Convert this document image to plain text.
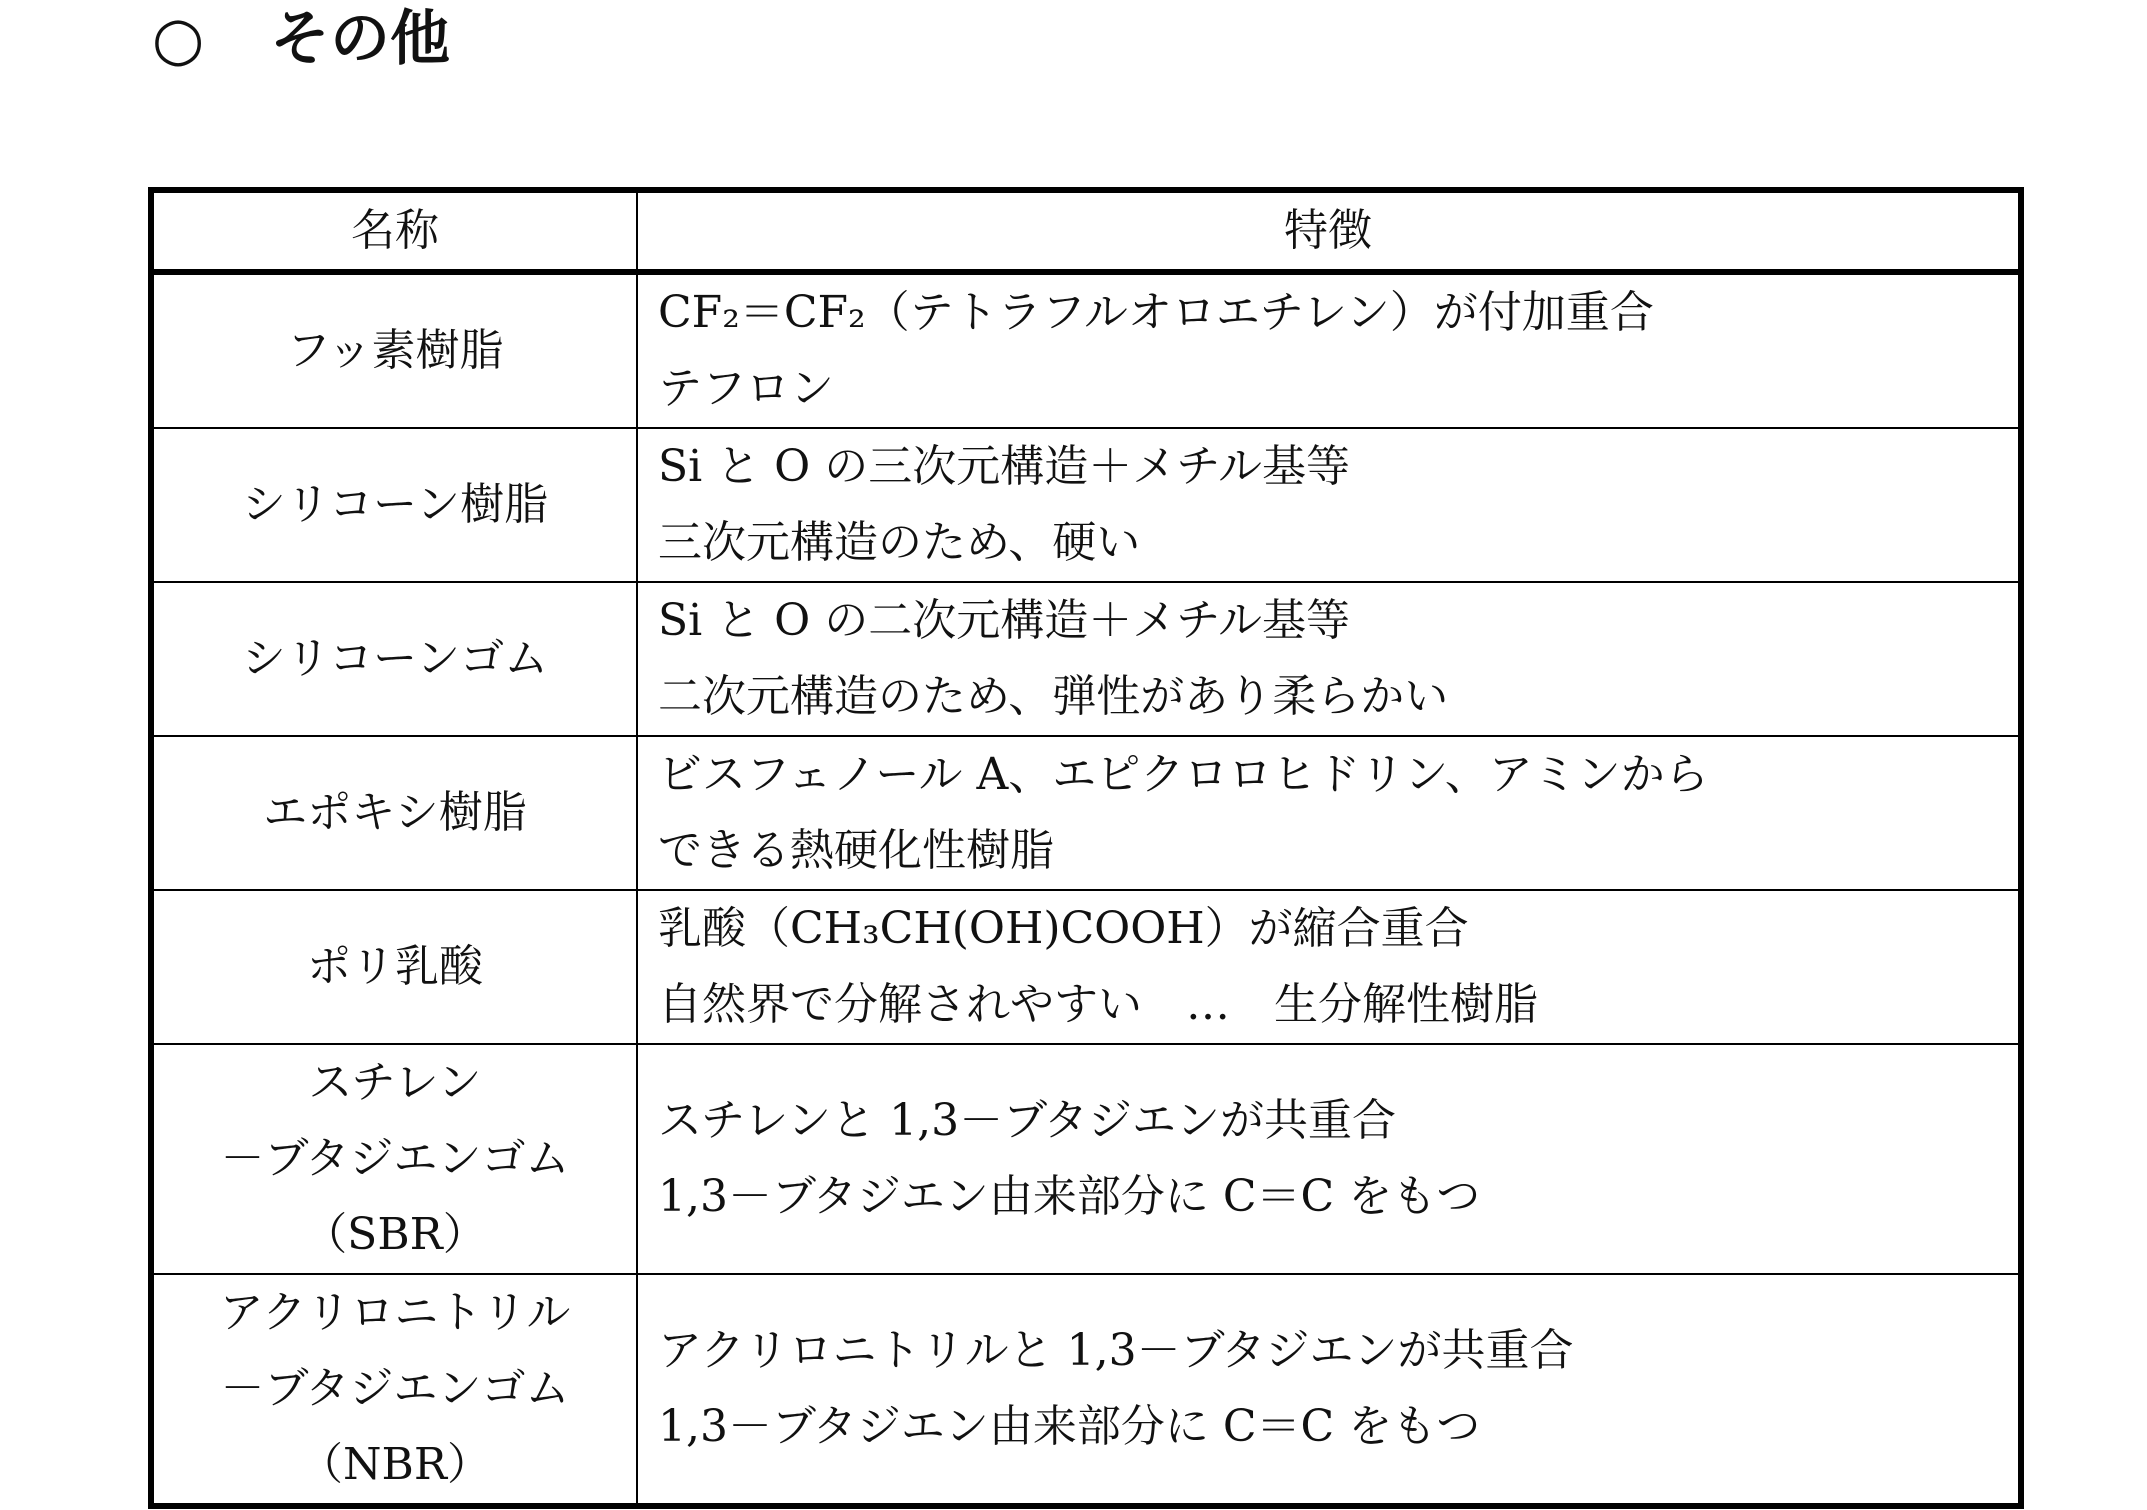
○ その他
名称	特徴

フッ素樹脂	CF₂＝CF₂（テトラフルオロエチレン）が付加重合
テフロン

シリコーン樹脂	Si と O の三次元構造＋メチル基等
三次元構造のため、硬い

シリコーンゴム	Si と O の二次元構造＋メチル基等
二次元構造のため、弾性があり柔らかい

エポキシ樹脂	ビスフェノール A、エピクロロヒドリン、アミンから
できる熱硬化性樹脂

ポリ乳酸	乳酸（CH₃CH(OH)COOH）が縮合重合
自然界で分解されやすい　…　生分解性樹脂

スチレン
－ブタジエンゴム
（SBR）	スチレンと 1,3－ブタジエンが共重合
1,3－ブタジエン由来部分に C＝C をもつ

アクリロニトリル
－ブタジエンゴム
（NBR）	アクリロニトリルと 1,3－ブタジエンが共重合
1,3－ブタジエン由来部分に C＝C をもつ
